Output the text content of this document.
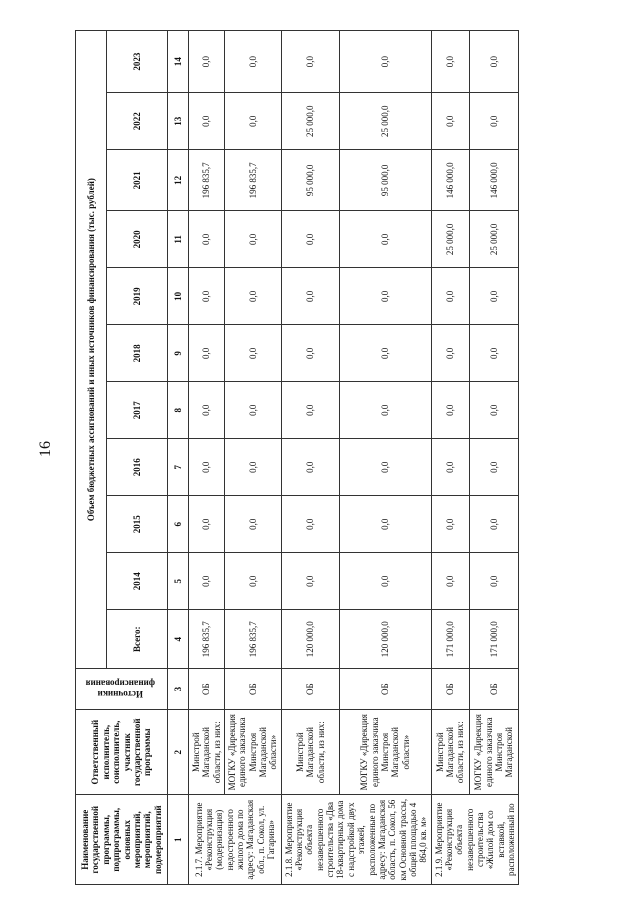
16
Наименование государственной программы, подпрограммы, основных мероприятий, мероприятий, подмероприятий	Ответственный исполнитель, соисполнитель, участник государственной программы	Источники финансирования	Объем бюджетных ассигнований и иных источников финансирования (тыс. рублей)										
			Всего:	2014	2015	2016	2017	2018	2019	2020	2021	2022	2023
1	2	3	4	5	6	7	8	9	10	11	12	13	14
2.1.7. Мероприятие «Реконструкция (модернизация) недостроенного жилого дома по адресу: Магаданская обл., п. Сокол, ул. Гагарина»	Минстрой Магаданской области, из них:	ОБ	196 835,7	0,0	0,0	0,0	0,0	0,0	0,0	0,0	196 835,7	0,0	0,0
	МОГКУ «Дирекция единого заказчика Минстроя Магаданской области»	ОБ	196 835,7	0,0	0,0	0,0	0,0	0,0	0,0	0,0	196 835,7	0,0	0,0
2.1.8. Мероприятие «Реконструкция объекта незавершенного строительства «Два 18-квартирных дома с надстройкой двух этажей, расположенные по адресу: Магаданская область, п. Сокол, 56 км Основной трассы, общей площадью 4 864,0 кв. м»	Минстрой Магаданской области, из них:	ОБ	120 000,0	0,0	0,0	0,0	0,0	0,0	0,0	0,0	95 000,0	25 000,0	0,0
	МОГКУ «Дирекция единого заказчика Минстроя Магаданской области»	ОБ	120 000,0	0,0	0,0	0,0	0,0	0,0	0,0	0,0	95 000,0	25 000,0	0,0
2.1.9. Мероприятие «Реконструкция объекта незавершенного строительства «Жилой дом со вставкой, расположенный по	Минстрой Магаданской области, из них:	ОБ	171 000,0	0,0	0,0	0,0	0,0	0,0	0,0	25 000,0	146 000,0	0,0	0,0
	МОГКУ «Дирекция единого заказчика Минстроя Магаданской	ОБ	171 000,0	0,0	0,0	0,0	0,0	0,0	0,0	25 000,0	146 000,0	0,0	0,0
